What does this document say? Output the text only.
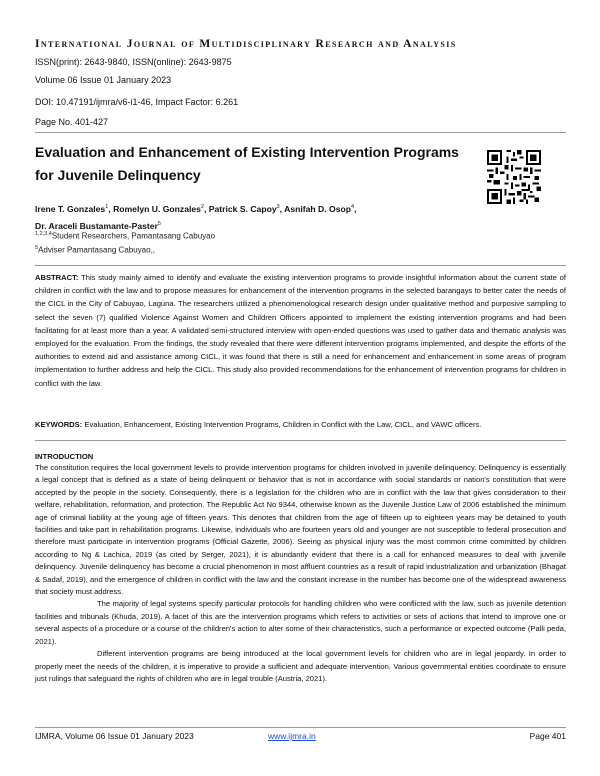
International Journal of Multidisciplinary Research and Analysis
ISSN(print): 2643-9840, ISSN(online): 2643-9875
Volume 06 Issue 01 January 2023
DOI: 10.47191/ijmra/v6-i1-46, Impact Factor: 6.261
Page No. 401-427
Evaluation and Enhancement of Existing Intervention Programs for Juvenile Delinquency
Irene T. Gonzales$^1$, Romelyn U. Gonzales$^2$, Patrick S. Capoy$^3$, Asnifah D. Osop$^4$,
Dr. Araceli Bustamante-Paster$^5$
$^{1,2,3,4}$Student Researchers, Pamantasang Cabuyao
$^5$Adviser Pamantasang Cabuyao,,
ABSTRACT: This study mainly aimed to identify and evaluate the existing intervention programs to provide insightful information about the current state of children in conflict with the law and to propose measures for enhancement of the intervention programs in the selected barangays to better cater the needs of the CICL in the City of Cabuyao, Laguna. The researchers utilized a phenomenological research design under qualitative method and purposive sampling to select the seven (7) qualified Violence Against Women and Children Officers appointed to implement the existing intervention programs and had been facilitating for at least more than a year. A validated semi-structured interview with open-ended questions was used to gather data and thematic analysis was employed for the evaluation. From the findings, the study revealed that there were different intervention programs implemented, and despite the efforts of the authorities to extend aid and assistance among CICL, it was found that there is still a need for enhancement and enhancement in some areas of program implementation to further address and help the CICL. This study also provided recommendations for the enhancement of intervention programs for children in conflict with the law.
KEYWORDS: Evaluation, Enhancement, Existing Intervention Programs, Children in Conflict with the Law, CICL, and VAWC officers.
INTRODUCTION

The constitution requires the local government levels to provide intervention programs for children involved in juvenile delinquency. Delinquency is essentially a legal concept that is defined as a state of being delinquent or behavior that is not in accordance with social standards or nation's constitution that were accepted by the people in the society. Consequently, there is a legislation for the children who are in conflict with the law that gives consideration to their welfare, rehabilitation, reformation, and protection. The Republic Act No 9344, otherwise known as the Juvenile Justice Law of 2006 established the minimum age of criminal liability at the young age of fifteen years. This denotes that children from the age of fifteen up to eighteen years may be detained to youth facilities and take part in rehabilitation programs. Likewise, individuals who are fourteen years old and younger are not susceptible to federal prosecution and therefore must participate in intervention programs (Official Gazette, 2006). Seeing as physical injury was the most common crime committed by children according to Ng & Lachica, 2019 (as cited by Serger, 2021), it is abundantly evident that there is a call for enhanced measures to deal with juvenile delinquency. Juvenile delinquency has become a crucial phenomenon in most affluent countries as a result of rapid industrialization and urbanization (Bhagat & Sadaf, 2019), and the emergence of children in conflict with the law and the constant increase in the number has become one of the widespread awareness that society must address.

The majority of legal systems specify particular protocols for handling children who were conflicted with the law, such as juvenile detention facilities and tribunals (Khuda, 2019). A facet of this are the intervention programs which refers to activities or sets of actions that intend to improve one or several aspects of a procedure or a course of the children's action to alter some of their characteristics, such a performance or expected outcome (Palli peda, 2021).

Different intervention programs are being introduced at the local government levels for children who are in legal jeopardy. In order to properly meet the needs of the children, it is imperative to provide a sufficient and adequate intervention. Various governmental entities coordinate to ensure just rulings that safeguard the rights of children who are in legal trouble (Austria, 2021).

IJMRA, Volume 06 Issue 01 January 2023	www.ijmra.in	Page 401
